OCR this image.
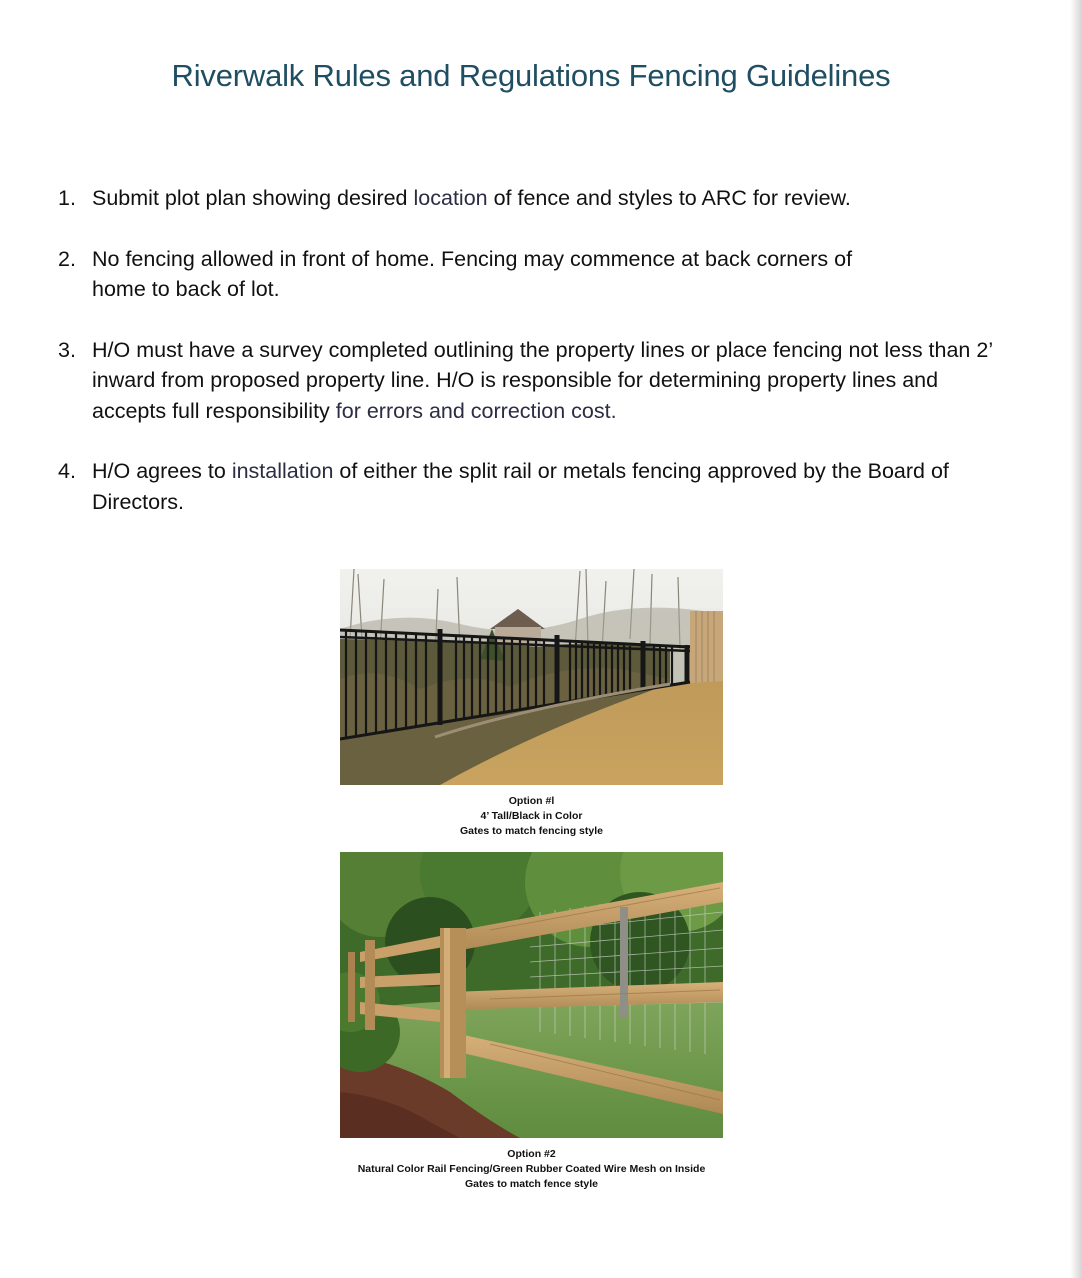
Riverwalk Rules and Regulations Fencing Guidelines
1. Submit plot plan showing desired location of fence and styles to ARC for review.
2. No fencing allowed in front of home. Fencing may commence at back corners of home to back of lot.
3. H/O must have a survey completed outlining the property lines or place fencing not less than 2’ inward from proposed property line. H/O is responsible for determining property lines and accepts full responsibility for errors and correction cost.
4. H/O agrees to installation of either the split rail or metals fencing approved by the Board of Directors.
Option #l
4’ Tall/Black in Color
Gates to match fencing style
Option #2
Natural Color Rail Fencing/Green Rubber Coated Wire Mesh on Inside
Gates to match fence style
